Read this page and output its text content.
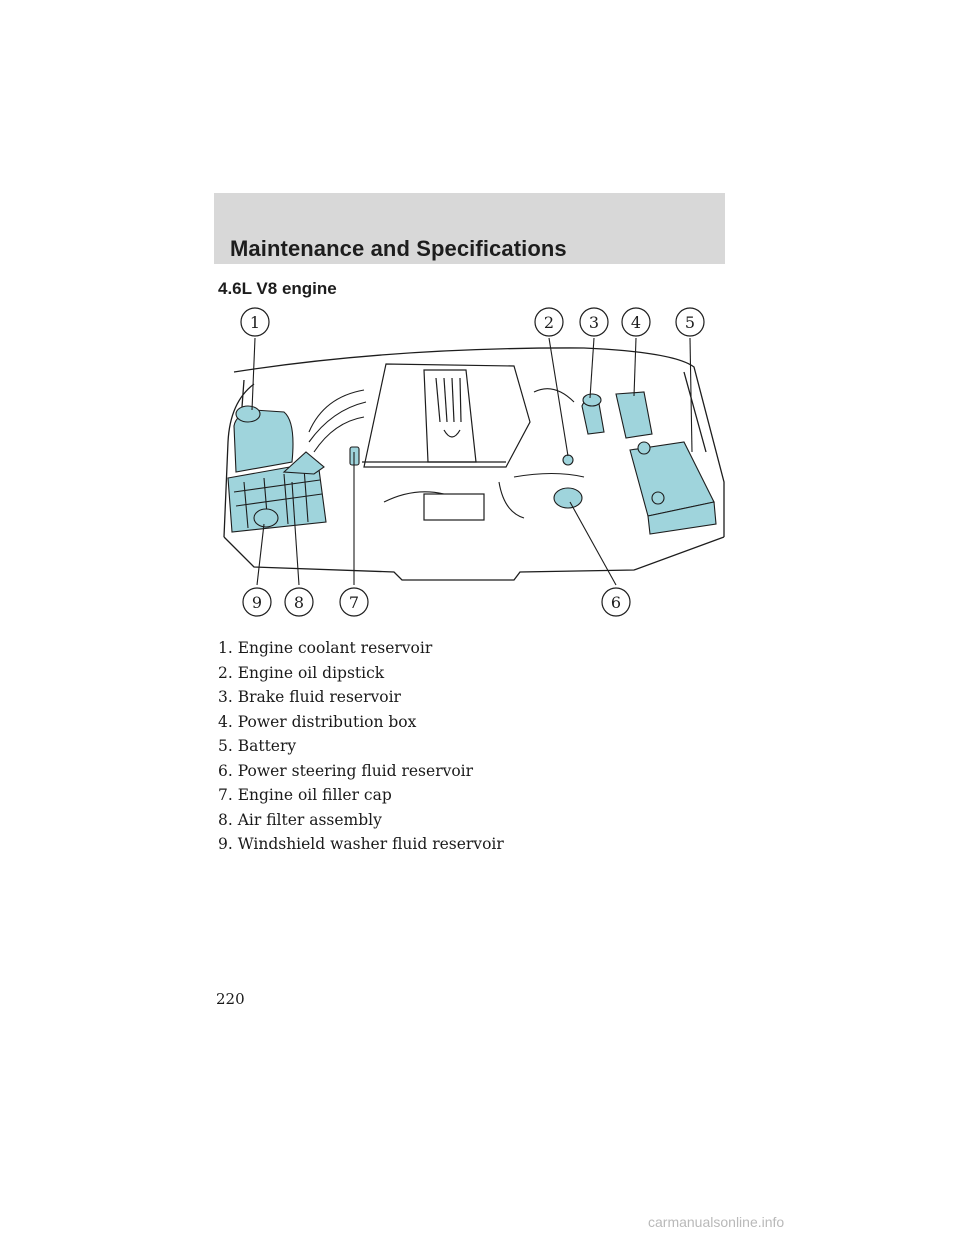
Maintenance and Specifications
4.6L V8 engine
1	2 3 4	5
6
7
8
9
1. Engine coolant reservoir
2. Engine oil dipstick
3. Brake fluid reservoir
4. Power distribution box
5. Battery
6. Power steering fluid reservoir
7. Engine oil filler cap
8. Air filter assembly
9. Windshield washer fluid reservoir
220
carmanualsonline.info
